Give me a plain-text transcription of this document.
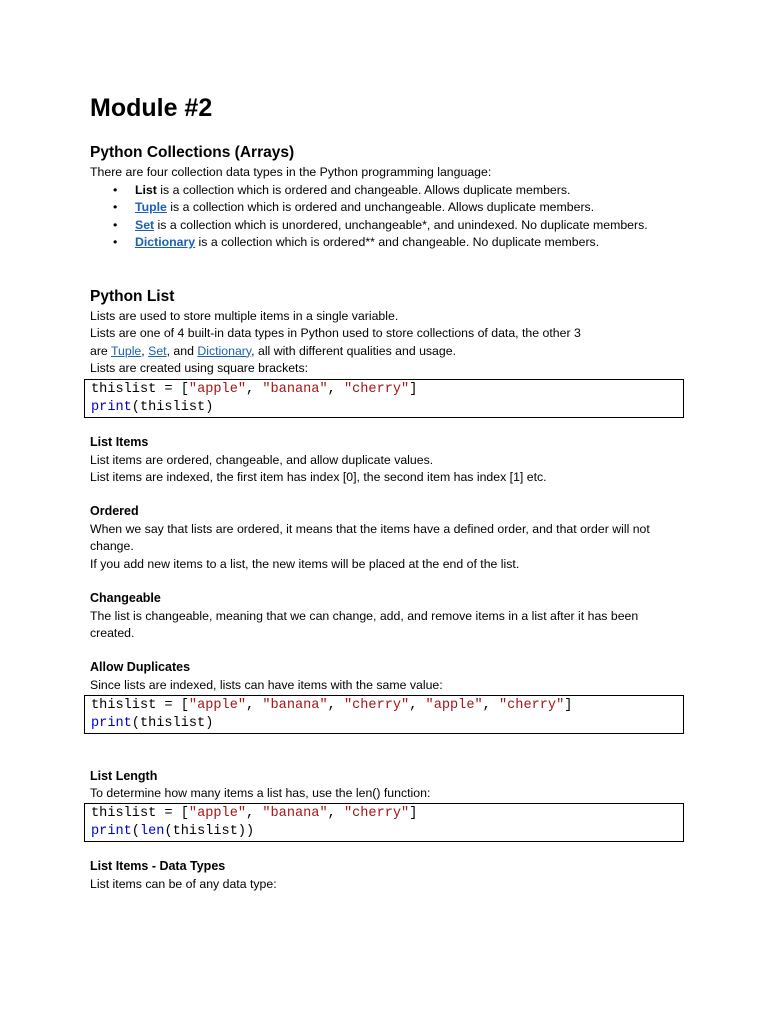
Module #2
Python Collections (Arrays)
There are four collection data types in the Python programming language:
• List is a collection which is ordered and changeable. Allows duplicate members.
• Tuple is a collection which is ordered and unchangeable. Allows duplicate members.
• Set is a collection which is unordered, unchangeable*, and unindexed. No duplicate members.
• Dictionary is a collection which is ordered** and changeable. No duplicate members.
Python List
Lists are used to store multiple items in a single variable.
Lists are one of 4 built-in data types in Python used to store collections of data, the other 3
are Tuple, Set, and Dictionary, all with different qualities and usage.
Lists are created using square brackets:
thislist = ["apple", "banana", "cherry"]
print(thislist)
List Items
List items are ordered, changeable, and allow duplicate values.
List items are indexed, the first item has index [0], the second item has index [1] etc.
Ordered
When we say that lists are ordered, it means that the items have a defined order, and that order will not
change.
If you add new items to a list, the new items will be placed at the end of the list.
Changeable
The list is changeable, meaning that we can change, add, and remove items in a list after it has been
created.
Allow Duplicates
Since lists are indexed, lists can have items with the same value:
thislist = ["apple", "banana", "cherry", "apple", "cherry"]
print(thislist)
List Length
To determine how many items a list has, use the len() function:
thislist = ["apple", "banana", "cherry"]
print(len(thislist))
List Items - Data Types
List items can be of any data type:
